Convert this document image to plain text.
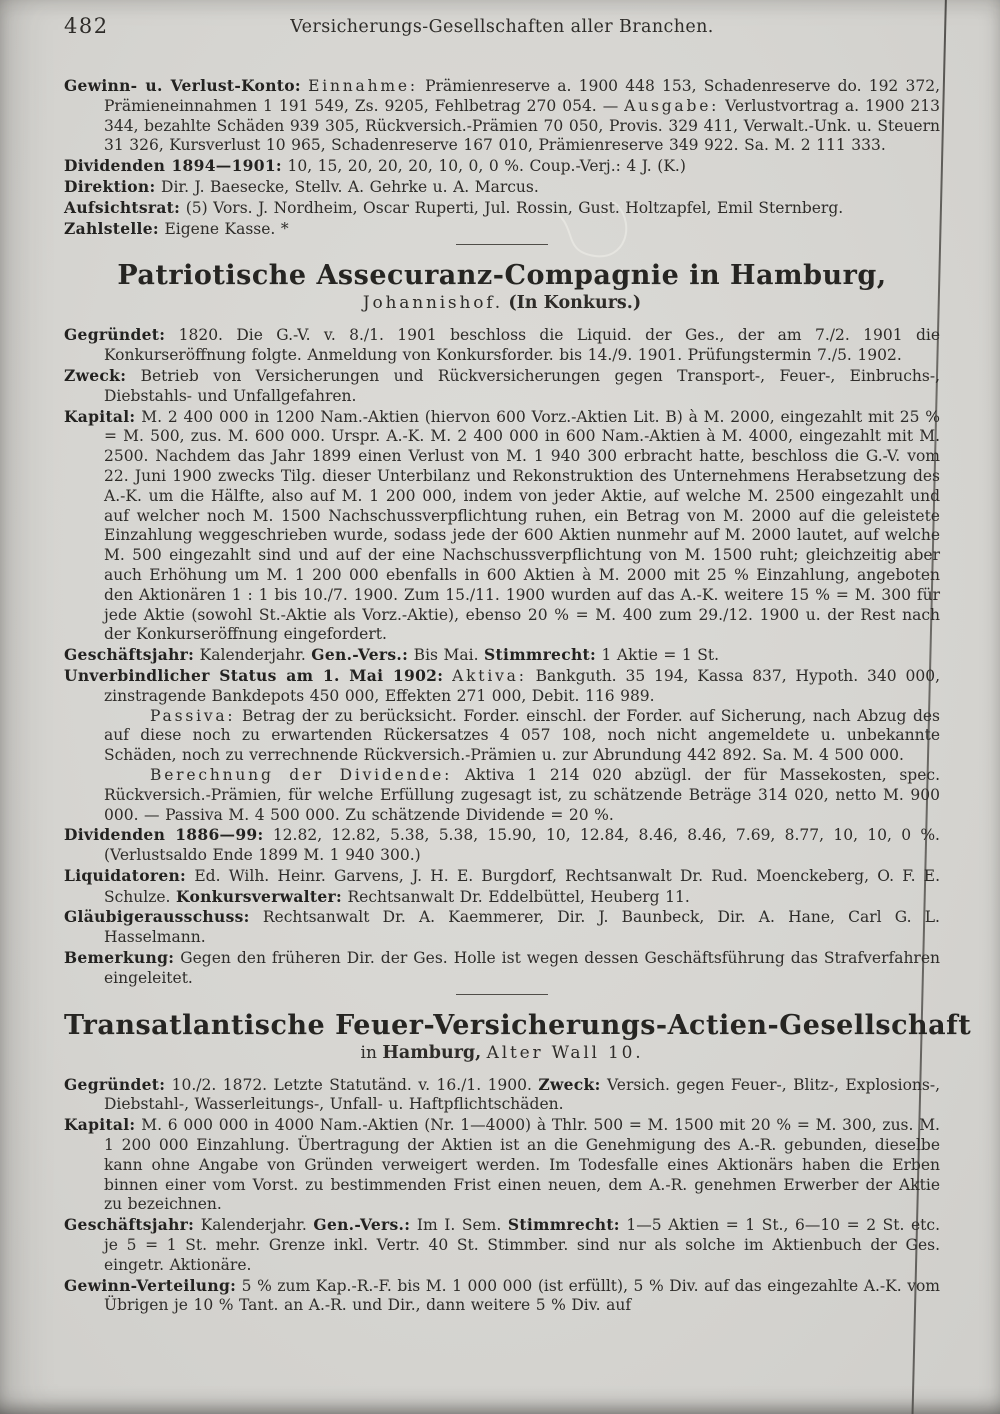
482	Versicherungs-Gesellschaften aller Branchen.

Gewinn- u. Verlust-Konto: Einnahme: Prämienreserve a. 1900 448 153, Schadenreserve do. 192 372, Prämieneinnahmen 1 191 549, Zs. 9205, Fehlbetrag 270 054. — Ausgabe: Verlustvortrag a. 1900 213 344, bezahlte Schäden 939 305, Rückversich.-Prämien 70 050, Provis. 329 411, Verwalt.-Unk. u. Steuern 31 326, Kursverlust 10 965, Schadenreserve 167 010, Prämienreserve 349 922. Sa. M. 2 111 333.

Dividenden 1894—1901: 10, 15, 20, 20, 20, 10, 0, 0 %. Coup.-Verj.: 4 J. (K.)

Direktion: Dir. J. Baesecke, Stellv. A. Gehrke u. A. Marcus.

Aufsichtsrat: (5) Vors. J. Nordheim, Oscar Ruperti, Jul. Rossin, Gust. Holtzapfel, Emil Sternberg.

Zahlstelle: Eigene Kasse. *

Patriotische Assecuranz-Compagnie in Hamburg,

Johannishof. (In Konkurs.)

Gegründet: 1820. Die G.-V. v. 8./1. 1901 beschloss die Liquid. der Ges., der am 7./2. 1901 die Konkurseröffnung folgte. Anmeldung von Konkursforder. bis 14./9. 1901. Prüfungstermin 7./5. 1902.

Zweck: Betrieb von Versicherungen und Rückversicherungen gegen Transport-, Feuer-, Einbruchs-, Diebstahls- und Unfallgefahren.

Kapital: M. 2 400 000 in 1200 Nam.-Aktien (hiervon 600 Vorz.-Aktien Lit. B) à M. 2000, eingezahlt mit 25 % = M. 500, zus. M. 600 000. Urspr. A.-K. M. 2 400 000 in 600 Nam.-Aktien à M. 4000, eingezahlt mit M. 2500. Nachdem das Jahr 1899 einen Verlust von M. 1 940 300 erbracht hatte, beschloss die G.-V. vom 22. Juni 1900 zwecks Tilg. dieser Unterbilanz und Rekonstruktion des Unternehmens Herabsetzung des A.-K. um die Hälfte, also auf M. 1 200 000, indem von jeder Aktie, auf welche M. 2500 eingezahlt und auf welcher noch M. 1500 Nachschussverpflichtung ruhen, ein Betrag von M. 2000 auf die geleistete Einzahlung weggeschrieben wurde, sodass jede der 600 Aktien nunmehr auf M. 2000 lautet, auf welche M. 500 eingezahlt sind und auf der eine Nachschussverpflichtung von M. 1500 ruht; gleichzeitig aber auch Erhöhung um M. 1 200 000 ebenfalls in 600 Aktien à M. 2000 mit 25 % Einzahlung, angeboten den Aktionären 1 : 1 bis 10./7. 1900. Zum 15./11. 1900 wurden auf das A.-K. weitere 15 % = M. 300 für jede Aktie (sowohl St.-Aktie als Vorz.-Aktie), ebenso 20 % = M. 400 zum 29./12. 1900 u. der Rest nach der Konkurseröffnung eingefordert.

Geschäftsjahr: Kalenderjahr. Gen.-Vers.: Bis Mai. Stimmrecht: 1 Aktie = 1 St.

Unverbindlicher Status am 1. Mai 1902: Aktiva: Bankguth. 35 194, Kassa 837, Hypoth. 340 000, zinstragende Bankdepots 450 000, Effekten 271 000, Debit. 116 989.

Passiva: Betrag der zu berücksicht. Forder. einschl. der Forder. auf Sicherung, nach Abzug des auf diese noch zu erwartenden Rückersatzes 4 057 108, noch nicht angemeldete u. unbekannte Schäden, noch zu verrechnende Rückversich.-Prämien u. zur Abrundung 442 892. Sa. M. 4 500 000.

Berechnung der Dividende: Aktiva 1 214 020 abzügl. der für Massekosten, spec. Rückversich.-Prämien, für welche Erfüllung zugesagt ist, zu schätzende Beträge 314 020, netto M. 900 000. — Passiva M. 4 500 000. Zu schätzende Dividende = 20 %.

Dividenden 1886—99: 12.82, 12.82, 5.38, 5.38, 15.90, 10, 12.84, 8.46, 8.46, 7.69, 8.77, 10, 10, 0 %. (Verlustsaldo Ende 1899 M. 1 940 300.)

Liquidatoren: Ed. Wilh. Heinr. Garvens, J. H. E. Burgdorf, Rechtsanwalt Dr. Rud. Moenckeberg, O. F. E. Schulze. Konkursverwalter: Rechtsanwalt Dr. Eddelbüttel, Heuberg 11.

Gläubigerausschuss: Rechtsanwalt Dr. A. Kaemmerer, Dir. J. Baunbeck, Dir. A. Hane, Carl G. L. Hasselmann.

Bemerkung: Gegen den früheren Dir. der Ges. Holle ist wegen dessen Geschäftsführung das Strafverfahren eingeleitet.

Transatlantische Feuer-Versicherungs-Actien-Gesellschaft

in Hamburg, Alter Wall 10.

Gegründet: 10./2. 1872. Letzte Statutänd. v. 16./1. 1900. Zweck: Versich. gegen Feuer-, Blitz-, Explosions-, Diebstahl-, Wasserleitungs-, Unfall- u. Haftpflichtschäden.

Kapital: M. 6 000 000 in 4000 Nam.-Aktien (Nr. 1—4000) à Thlr. 500 = M. 1500 mit 20 % = M. 300, zus. M. 1 200 000 Einzahlung. Übertragung der Aktien ist an die Genehmigung des A.-R. gebunden, dieselbe kann ohne Angabe von Gründen verweigert werden. Im Todesfalle eines Aktionärs haben die Erben binnen einer vom Vorst. zu bestimmenden Frist einen neuen, dem A.-R. genehmen Erwerber der Aktie zu bezeichnen.

Geschäftsjahr: Kalenderjahr. Gen.-Vers.: Im I. Sem. Stimmrecht: 1—5 Aktien = 1 St., 6—10 = 2 St. etc. je 5 = 1 St. mehr. Grenze inkl. Vertr. 40 St. Stimmber. sind nur als solche im Aktienbuch der Ges. eingetr. Aktionäre.

Gewinn-Verteilung: 5 % zum Kap.-R.-F. bis M. 1 000 000 (ist erfüllt), 5 % Div. auf das eingezahlte A.-K. vom Übrigen je 10 % Tant. an A.-R. und Dir., dann weitere 5 % Div. auf
